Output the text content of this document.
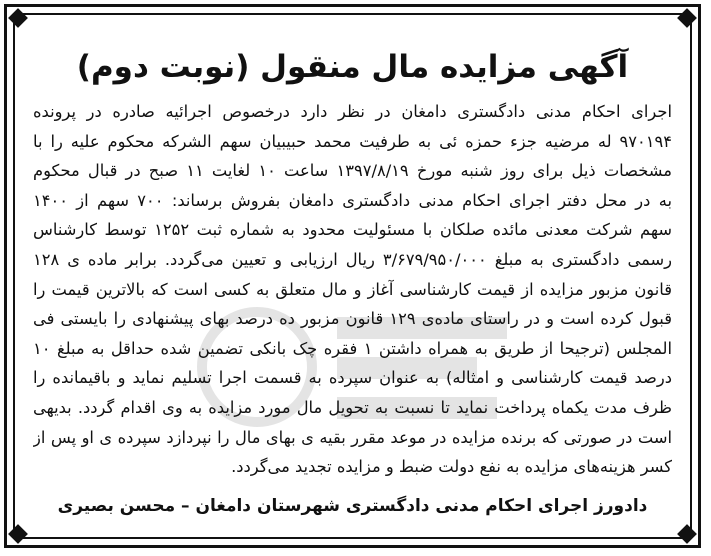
آگهی مزایده مال منقول (نوبت دوم)
اجرای احکام مدنی دادگستری دامغان در نظر دارد درخصوص اجرائیه صادره در پرونده
۹۷۰۱۹۴ له مرضیه جزء حمزه ئی به طرفیت محمد حبیبیان سهم الشرکه محکوم علیه را با
مشخصات ذیل برای روز شنبه مورخ ۱۳۹۷/۸/۱۹ ساعت ۱۰ لغایت ۱۱ صبح در قبال محکوم
به در محل دفتر اجرای احکام مدنی دادگستری دامغان بفروش برساند: ۷۰۰ سهم از ۱۴۰۰
سهم شرکت معدنی مائده صلکان با مسئولیت محدود به شماره ثبت ۱۲۵۲ توسط کارشناس
رسمی دادگستری به مبلغ ۳/۶۷۹/۹۵۰/۰۰۰ ریال ارزیابی و تعیین می‌گردد. برابر ماده ی ۱۲۸
قانون مزبور مزایده از قیمت کارشناسی آغاز و مال متعلق به کسی است که بالاترین قیمت را
قبول کرده است و در راستای ماده‌ی ۱۲۹ قانون مزبور ده درصد بهای پیشنهادی را بایستی فی
المجلس (ترجیحا از طریق به همراه داشتن ۱ فقره چک بانکی تضمین شده حداقل به مبلغ ۱۰
درصد قیمت کارشناسی و امثاله) به عنوان سپرده به قسمت اجرا تسلیم نماید و باقیمانده را
ظرف مدت یکماه پرداخت نماید تا نسبت به تحویل مال مورد مزایده به وی اقدام گردد. بدیهی
است در صورتی که برنده مزایده در موعد مقرر بقیه ی بهای مال را نپردازد سپرده ی او پس از
کسر هزینه‌های مزایده به نفع دولت ضبط و مزایده تجدید می‌گردد.
دادورز اجرای احکام مدنی دادگستری شهرستان دامغان – محسن بصیری
